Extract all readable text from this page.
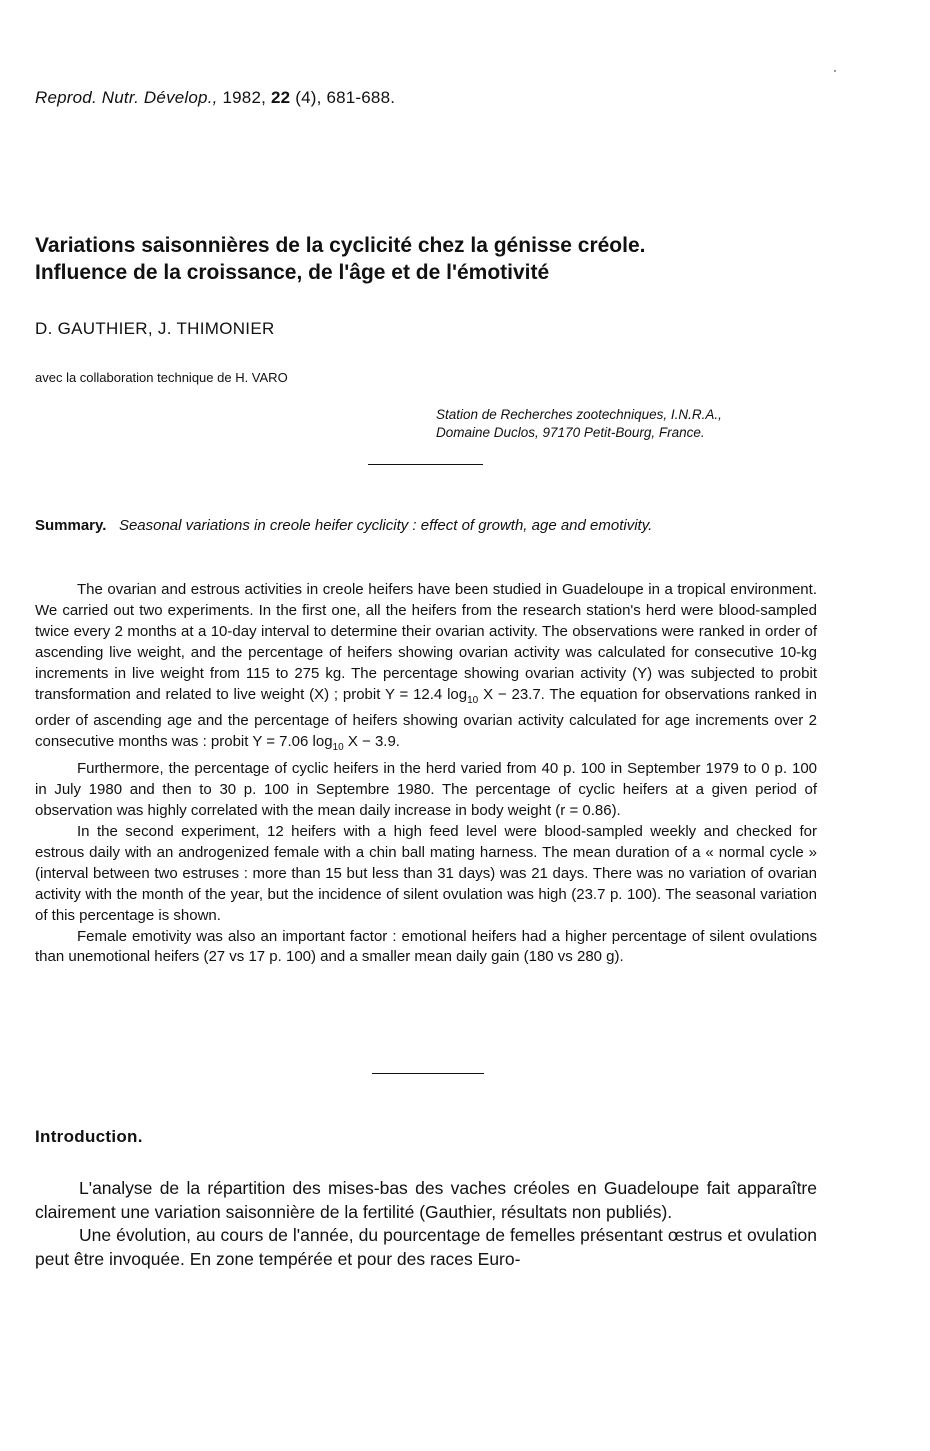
Reprod. Nutr. Dévelop., 1982, 22 (4), 681-688.
Variations saisonnières de la cyclicité chez la génisse créole.
Influence de la croissance, de l'âge et de l'émotivité
D. GAUTHIER, J. THIMONIER
avec la collaboration technique de H. VARO
Station de Recherches zootechniques, I.N.R.A.,
Domaine Duclos, 97170 Petit-Bourg, France.
Summary. Seasonal variations in creole heifer cyclicity : effect of growth, age and emotivity.

The ovarian and estrous activities in creole heifers have been studied in Guadeloupe in a tropical environment. We carried out two experiments. In the first one, all the heifers from the research station's herd were blood-sampled twice every 2 months at a 10-day interval to determine their ovarian activity. The observations were ranked in order of ascending live weight, and the percentage of heifers showing ovarian activity was calculated for consecutive 10-kg increments in live weight from 115 to 275 kg. The percentage showing ovarian activity (Y) was subjected to probit transformation and related to live weight (X) ; probit Y = 12.4 $\log_{10} X - 23.7$. The equation for observations ranked in order of ascending age and the percentage of heifers showing ovarian activity calculated for age increments over 2 consecutive months was : probit Y = 7.06 $\log_{10} X - 3.9$.

Furthermore, the percentage of cyclic heifers in the herd varied from 40 p. 100 in September 1979 to 0 p. 100 in July 1980 and then to 30 p. 100 in Septembre 1980. The percentage of cyclic heifers at a given period of observation was highly correlated with the mean daily increase in body weight (r = 0.86).

In the second experiment, 12 heifers with a high feed level were blood-sampled weekly and checked for estrous daily with an androgenized female with a chin ball mating harness. The mean duration of a « normal cycle » (interval between two estruses : more than 15 but less than 31 days) was 21 days. There was no variation of ovarian activity with the month of the year, but the incidence of silent ovulation was high (23.7 p. 100). The seasonal variation of this percentage is shown.

Female emotivity was also an important factor : emotional heifers had a higher percentage of silent ovulations than unemotional heifers (27 vs 17 p. 100) and a smaller mean daily gain (180 vs 280 g).

Introduction.

L'analyse de la répartition des mises-bas des vaches créoles en Guadeloupe fait apparaître clairement une variation saisonnière de la fertilité (Gauthier, résultats non publiés).

Une évolution, au cours de l'année, du pourcentage de femelles présentant œstrus et ovulation peut être invoquée. En zone tempérée et pour des races Euro-
